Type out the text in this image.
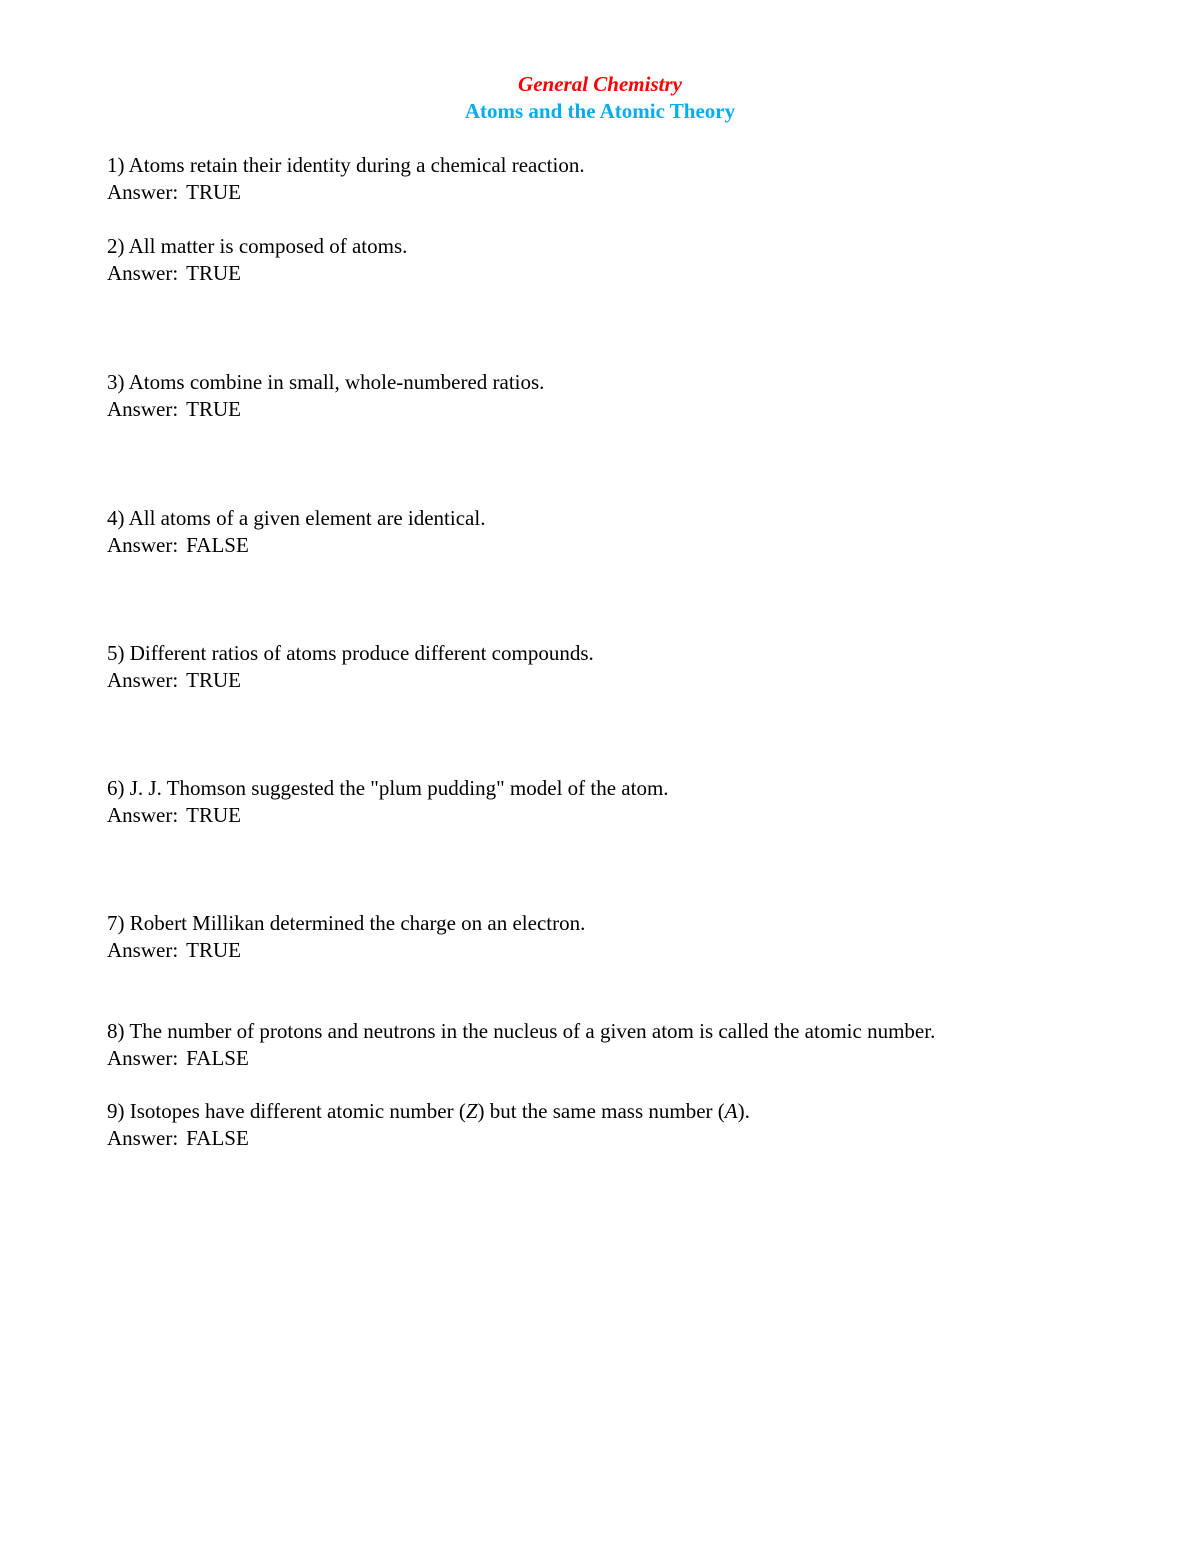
General Chemistry
Atoms and the Atomic Theory
1) Atoms retain their identity during a chemical reaction.
Answer: TRUE
2) All matter is composed of atoms.
Answer: TRUE
3) Atoms combine in small, whole-numbered ratios.
Answer: TRUE
4) All atoms of a given element are identical.
Answer: FALSE
5) Different ratios of atoms produce different compounds.
Answer: TRUE
6) J. J. Thomson suggested the "plum pudding" model of the atom.
Answer: TRUE
7) Robert Millikan determined the charge on an electron.
Answer: TRUE
8) The number of protons and neutrons in the nucleus of a given atom is called the atomic number.
Answer: FALSE
9) Isotopes have different atomic number (Z) but the same mass number (A).
Answer: FALSE
